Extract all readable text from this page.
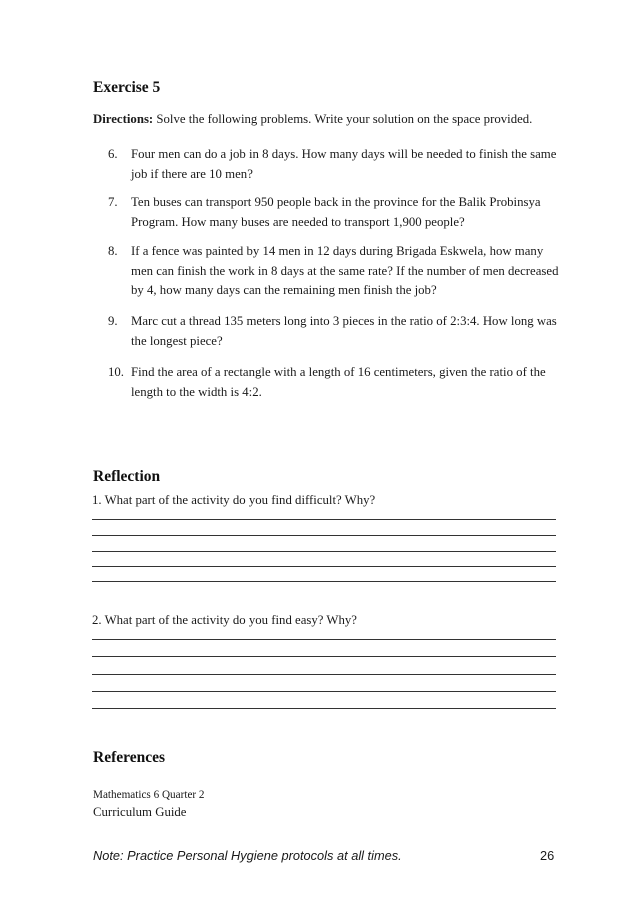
Exercise 5
Directions: Solve the following problems. Write your solution on the space provided.
6. Four men can do a job in 8 days. How many days will be needed to finish the same job if there are 10 men?
7. Ten buses can transport 950 people back in the province for the Balik Probinsya Program. How many buses are needed to transport 1,900 people?
8. If a fence was painted by 14 men in 12 days during Brigada Eskwela, how many men can finish the work in 8 days at the same rate? If the number of men decreased by 4, how many days can the remaining men finish the job?
9. Marc cut a thread 135 meters long into 3 pieces in the ratio of 2:3:4. How long was the longest piece?
10. Find the area of a rectangle with a length of 16 centimeters, given the ratio of the length to the width is 4:2.
Reflection
1. What part of the activity do you find difficult? Why?
2. What part of the activity do you find easy? Why?
References
Mathematics 6 Quarter 2
Curriculum Guide
Note: Practice Personal Hygiene protocols at all times.	26
